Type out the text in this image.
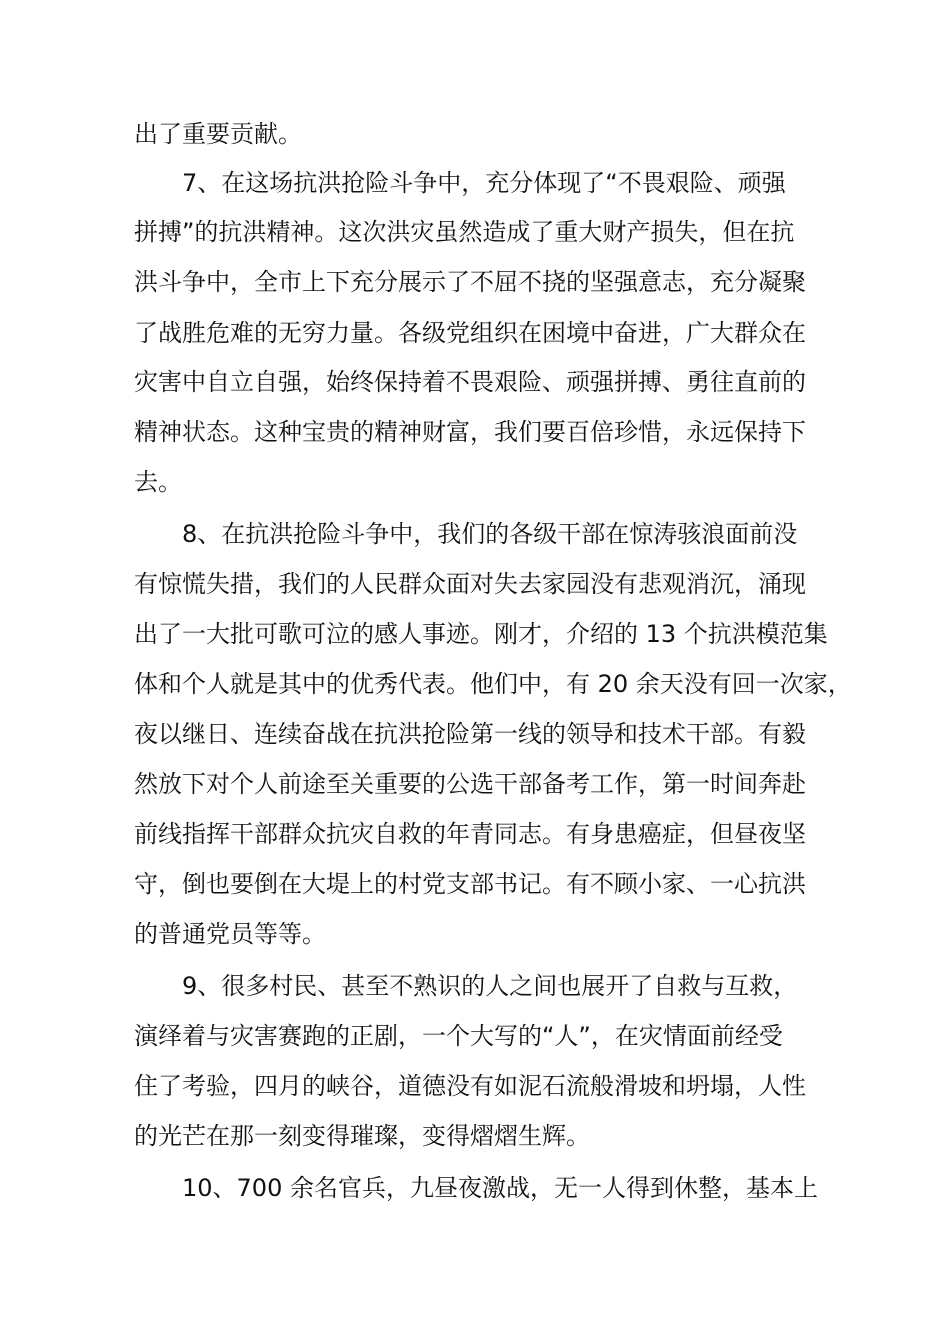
出了重要贡献。
7、在这场抗洪抢险斗争中，充分体现了“不畏艰险、顽强
拼搏”的抗洪精神。这次洪灾虽然造成了重大财产损失，但在抗
洪斗争中，全市上下充分展示了不屈不挠的坚强意志，充分凝聚
了战胜危难的无穷力量。各级党组织在困境中奋进，广大群众在
灾害中自立自强，始终保持着不畏艰险、顽强拼搏、勇往直前的
精神状态。这种宝贵的精神财富，我们要百倍珍惜，永远保持下
去。
8、在抗洪抢险斗争中，我们的各级干部在惊涛骇浪面前没
有惊慌失措，我们的人民群众面对失去家园没有悲观消沉，涌现
出了一大批可歌可泣的感人事迹。刚才，介绍的 13 个抗洪模范集
体和个人就是其中的优秀代表。他们中，有 20 余天没有回一次家，
夜以继日、连续奋战在抗洪抢险第一线的领导和技术干部。有毅
然放下对个人前途至关重要的公选干部备考工作，第一时间奔赴
前线指挥干部群众抗灾自救的年青同志。有身患癌症，但昼夜坚
守，倒也要倒在大堤上的村党支部书记。有不顾小家、一心抗洪
的普通党员等等。
9、很多村民、甚至不熟识的人之间也展开了自救与互救，
演绎着与灾害赛跑的正剧，一个大写的“人”，在灾情面前经受
住了考验，四月的峡谷，道德没有如泥石流般滑坡和坍塌，人性
的光芒在那一刻变得璀璨，变得熠熠生辉。
10、700 余名官兵，九昼夜激战，无一人得到休整，基本上
